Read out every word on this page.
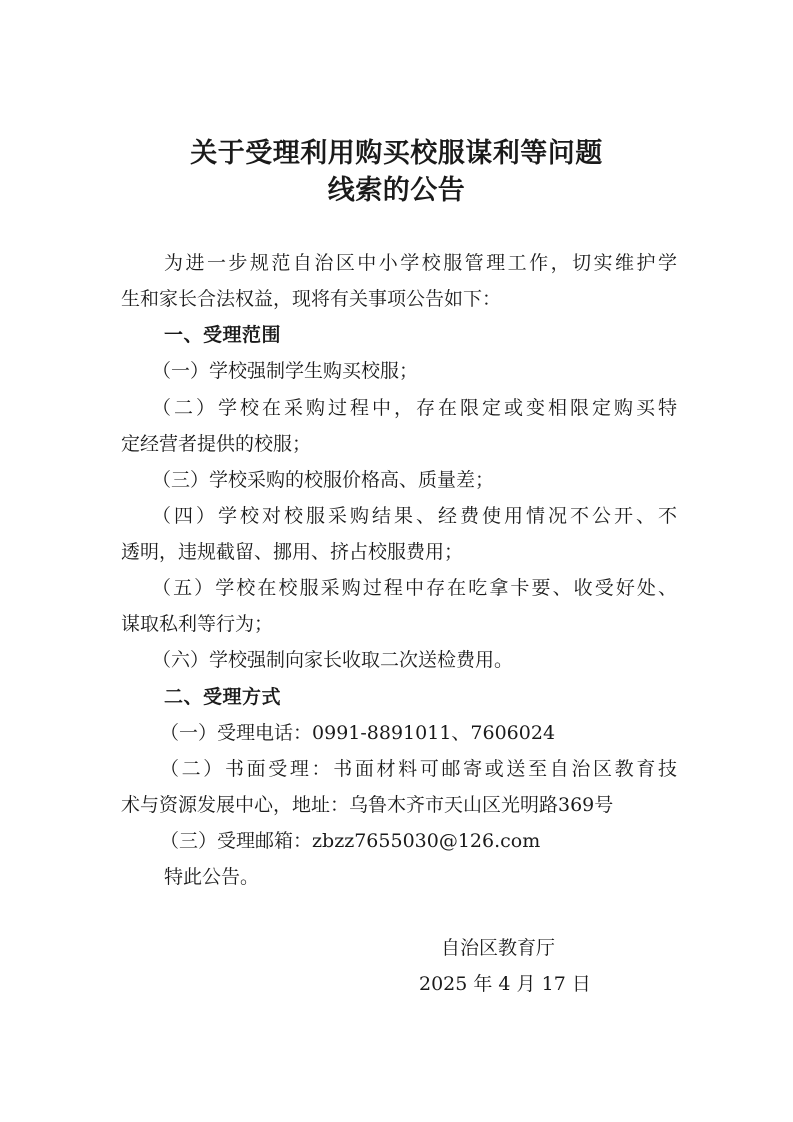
关于受理利用购买校服谋利等问题
线索的公告

为进一步规范自治区中小学校服管理工作，切实维护学

生和家长合法权益，现将有关事项公告如下：

一、受理范围

（一）学校强制学生购买校服；

（二）学校在采购过程中，存在限定或变相限定购买特

定经营者提供的校服；

（三）学校采购的校服价格高、质量差；

（四）学校对校服采购结果、经费使用情况不公开、不

透明，违规截留、挪用、挤占校服费用；

（五）学校在校服采购过程中存在吃拿卡要、收受好处、

谋取私利等行为；

（六）学校强制向家长收取二次送检费用。

二、受理方式

（一）受理电话：0991-8891011、7606024

（二）书面受理：书面材料可邮寄或送至自治区教育技

术与资源发展中心，地址：乌鲁木齐市天山区光明路369号

（三）受理邮箱：zbzz7655030@126.com

特此公告。

自治区教育厅

2025 年 4 月 17 日
